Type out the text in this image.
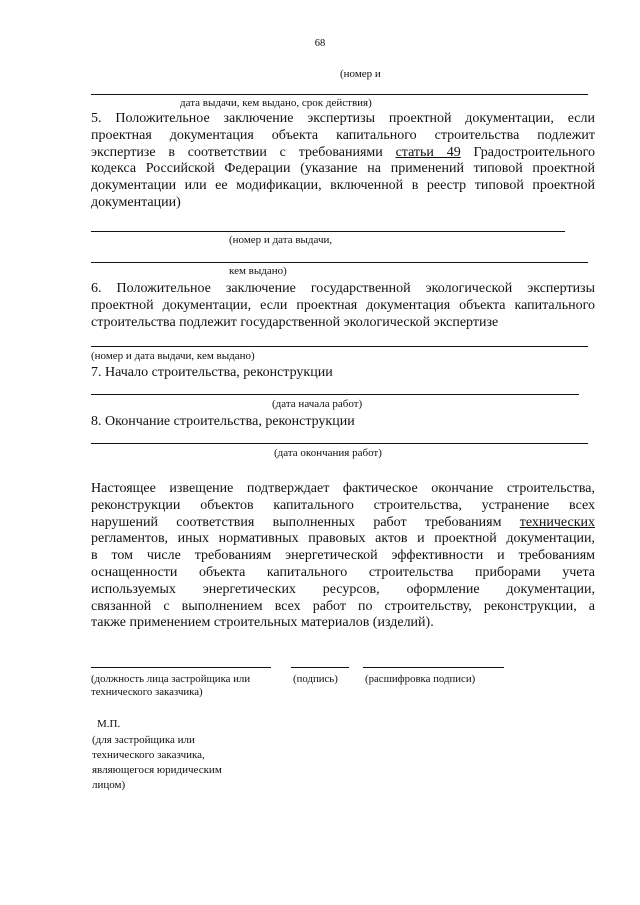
68
(номер и
дата выдачи, кем выдано, срок действия)
5. Положительное заключение экспертизы проектной документации, если
проектная документация объекта капитального строительства подлежит
экспертизе в соответствии с требованиями статьи 49 Градостроительного
кодекса Российской Федерации (указание на применений типовой проектной
документации или ее модификации, включенной в реестр типовой проектной
документации)
(номер и дата выдачи,
кем выдано)
6. Положительное заключение государственной экологической экспертизы
проектной документации, если проектная документация объекта капитального
строительства подлежит государственной экологической экспертизе
(номер и дата выдачи, кем выдано)
7. Начало строительства, реконструкции
(дата начала работ)
8. Окончание строительства, реконструкции
(дата окончания работ)
Настоящее извещение подтверждает фактическое окончание строительства,
реконструкции объектов капитального строительства, устранение всех
нарушений соответствия выполненных работ требованиям технических
регламентов, иных нормативных правовых актов и проектной документации,
в том числе требованиям энергетической эффективности и требованиям
оснащенности объекта капитального строительства приборами учета
используемых энергетических ресурсов, оформление документации,
связанной с выполнением всех работ по строительству, реконструкции, а
также применением строительных материалов (изделий).
(должность лица застройщика или
технического заказчика)
(подпись)	(расшифровка подписи)
М.П.
(для застройщика или
технического заказчика,
являющегося юридическим
лицом)
